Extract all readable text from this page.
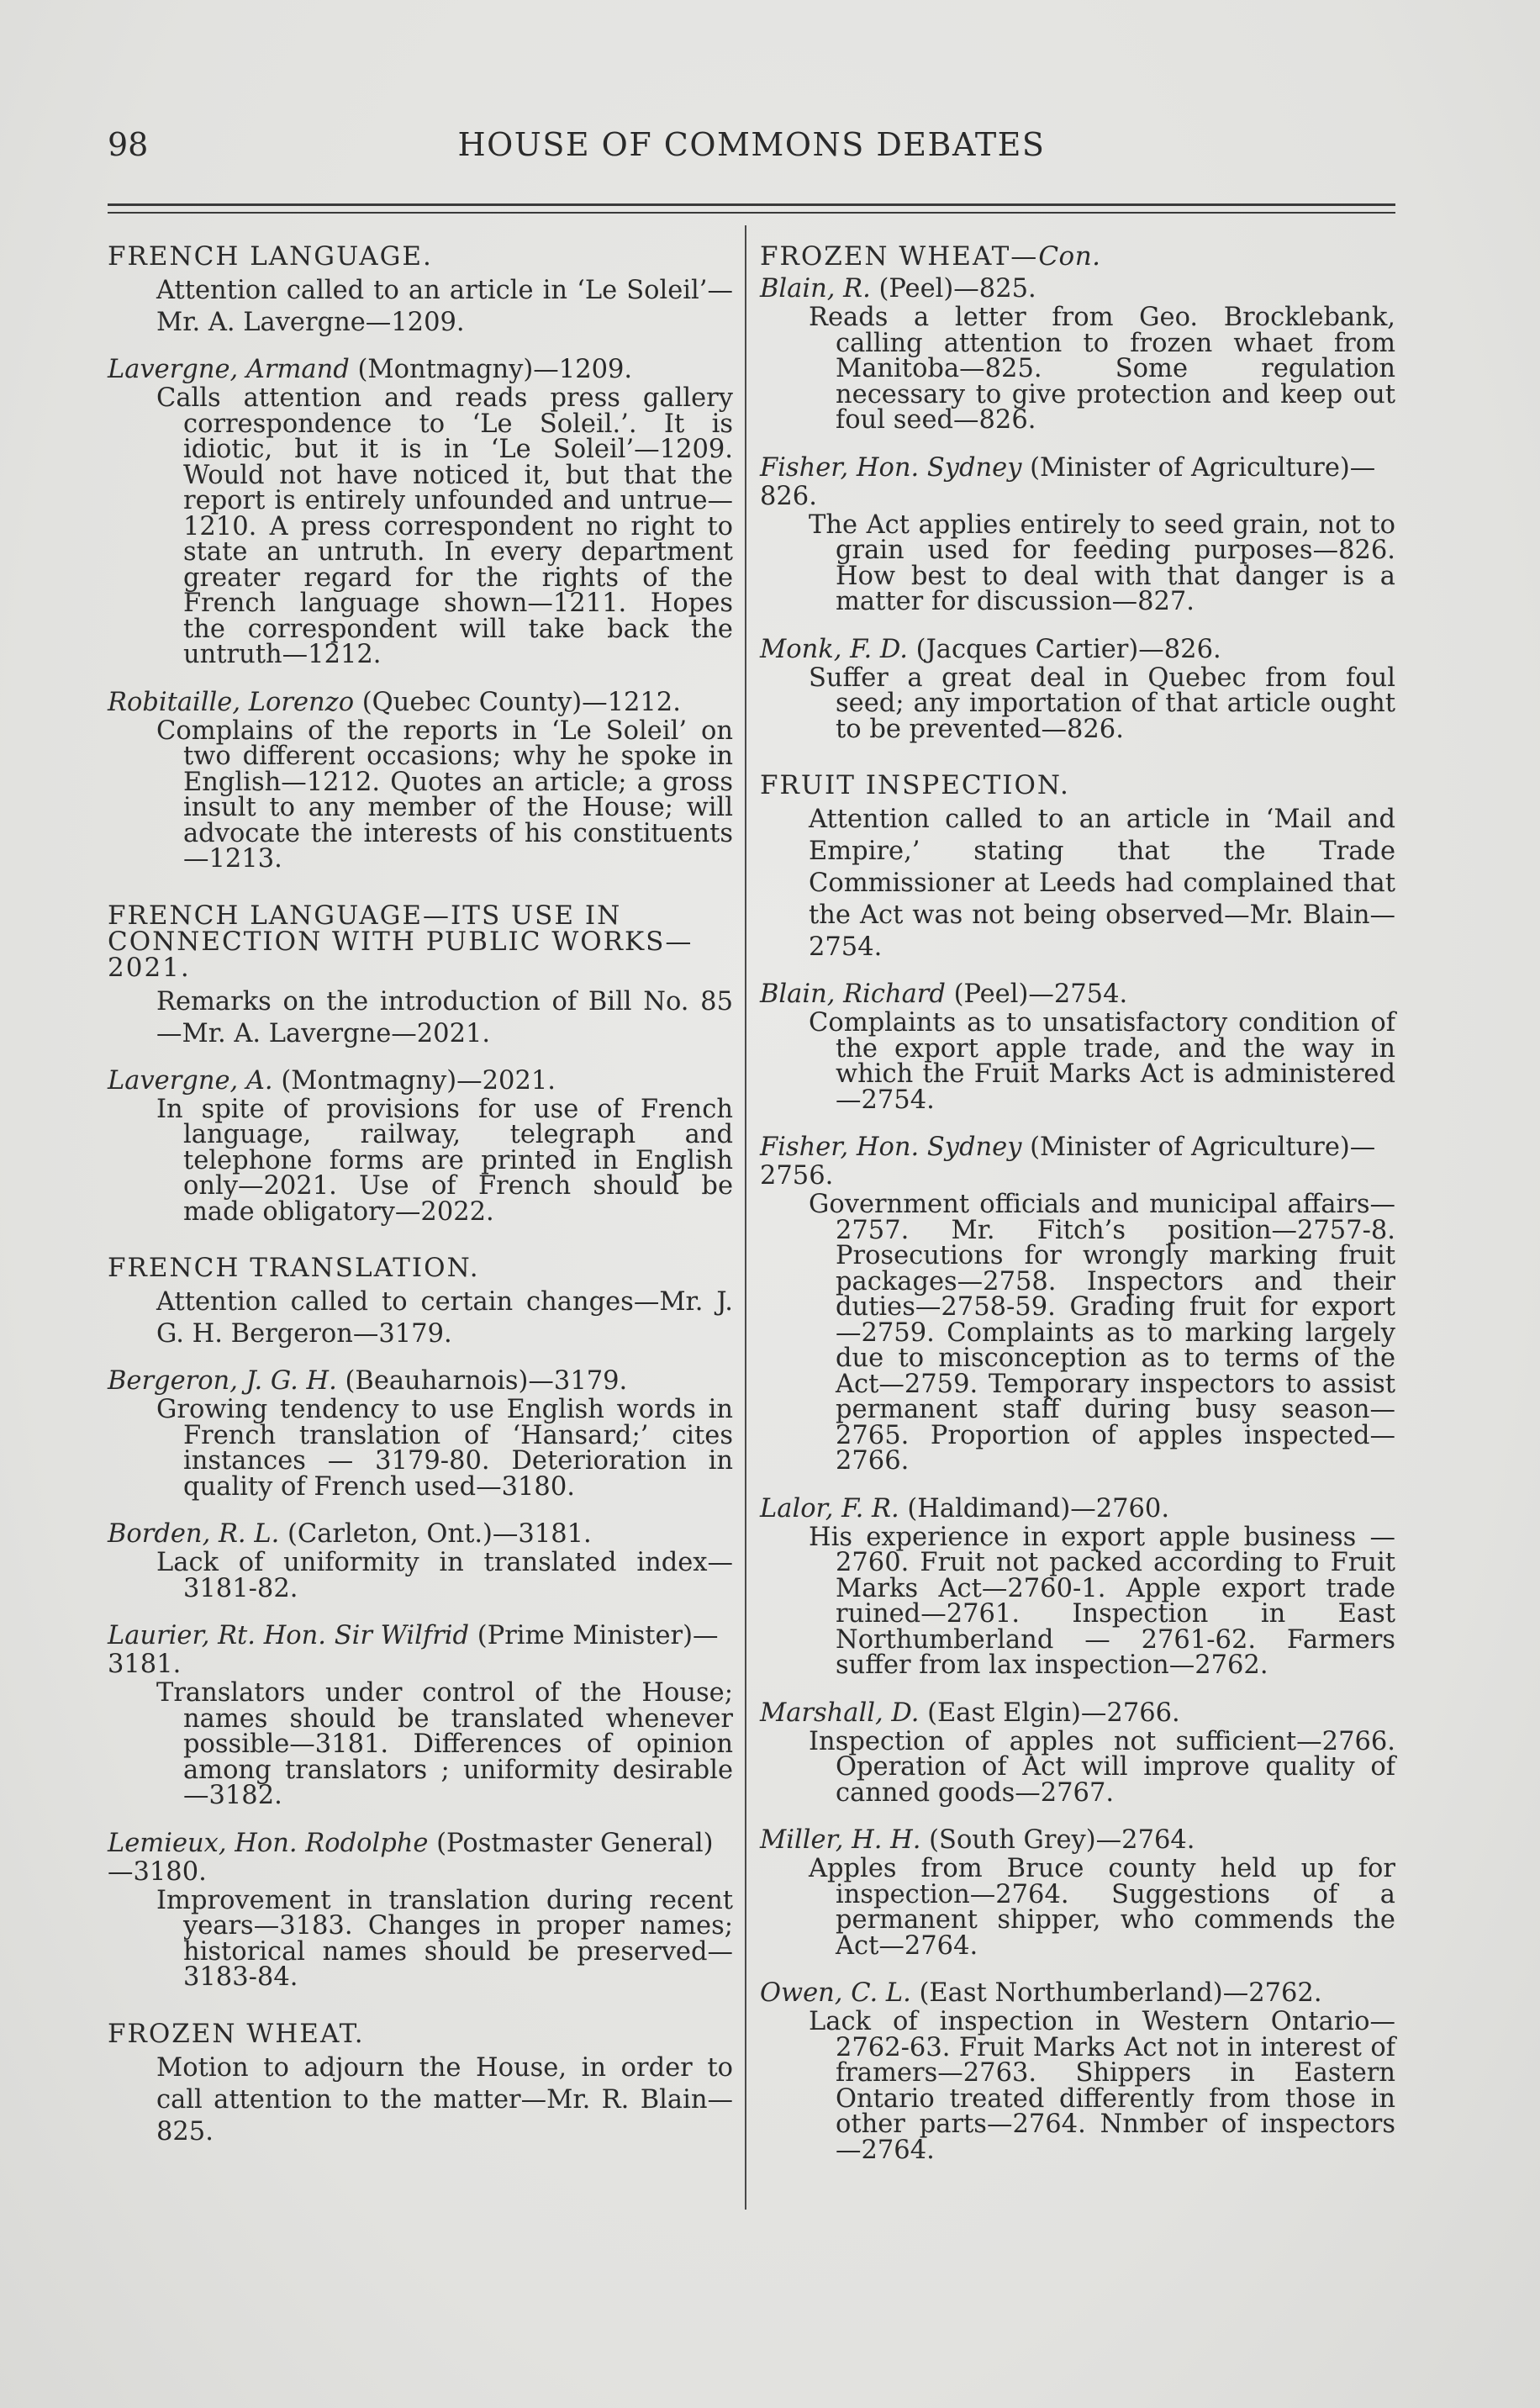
98	HOUSE OF COMMONS DEBATES
FRENCH LANGUAGE.

Attention called to an article in ‘Le Soleil’—Mr. A. Lavergne—1209.

Lavergne, Armand (Montmagny)—1209.

Calls attention and reads press gallery correspondence to ‘Le Soleil.’. It is idiotic, but it is in ‘Le Soleil’—1209. Would not have noticed it, but that the report is entirely unfounded and untrue—1210. A press correspondent no right to state an untruth. In every department greater regard for the rights of the French language shown—1211. Hopes the correspondent will take back the untruth—1212.

Robitaille, Lorenzo (Quebec County)—1212.

Complains of the reports in ‘Le Soleil’ on two different occasions; why he spoke in English—1212. Quotes an article; a gross insult to any member of the House; will advocate the interests of his constituents—1213.

FRENCH LANGUAGE—ITS USE IN CONNECTION WITH PUBLIC WORKS—2021.

Remarks on the introduction of Bill No. 85—Mr. A. Lavergne—2021.

Lavergne, A. (Montmagny)—2021.

In spite of provisions for use of French language, railway, telegraph and telephone forms are printed in English only—2021. Use of French should be made obligatory—2022.

FRENCH TRANSLATION.

Attention called to certain changes—Mr. J. G. H. Bergeron—3179.

Bergeron, J. G. H. (Beauharnois)—3179.

Growing tendency to use English words in French translation of ‘Hansard;’ cites instances — 3179-80. Deterioration in quality of French used—3180.

Borden, R. L. (Carleton, Ont.)—3181.

Lack of uniformity in translated index—3181-82.

Laurier, Rt. Hon. Sir Wilfrid (Prime Minister)—3181.

Translators under control of the House; names should be translated whenever possible—3181. Differences of opinion among translators ; uniformity desirable—3182.

Lemieux, Hon. Rodolphe (Postmaster General)—3180.

Improvement in translation during recent years—3183. Changes in proper names; historical names should be preserved—3183-84.

FROZEN WHEAT.

Motion to adjourn the House, in order to call attention to the matter—Mr. R. Blain—825.

FROZEN WHEAT—Con.
Blain, R. (Peel)—825.

Reads a letter from Geo. Brocklebank, calling attention to frozen whaet from Manitoba—825. Some regulation necessary to give protection and keep out foul seed—826.

Fisher, Hon. Sydney (Minister of Agriculture)—826.

The Act applies entirely to seed grain, not to grain used for feeding purposes—826. How best to deal with that danger is a matter for discussion—827.

Monk, F. D. (Jacques Cartier)—826.

Suffer a great deal in Quebec from foul seed; any importation of that article ought to be prevented—826.

FRUIT INSPECTION.

Attention called to an article in ‘Mail and Empire,’ stating that the Trade Commissioner at Leeds had complained that the Act was not being observed—Mr. Blain—2754.

Blain, Richard (Peel)—2754.

Complaints as to unsatisfactory condition of the export apple trade, and the way in which the Fruit Marks Act is administered—2754.

Fisher, Hon. Sydney (Minister of Agriculture)—2756.

Government officials and municipal affairs—2757. Mr. Fitch’s position—2757-8. Prosecutions for wrongly marking fruit packages—2758. Inspectors and their duties—2758-59. Grading fruit for export—2759. Complaints as to marking largely due to misconception as to terms of the Act—2759. Temporary inspectors to assist permanent staff during busy season—2765. Proportion of apples inspected—2766.

Lalor, F. R. (Haldimand)—2760.

His experience in export apple business —2760. Fruit not packed according to Fruit Marks Act—2760-1. Apple export trade ruined—2761. Inspection in East Northumberland — 2761-62. Farmers suffer from lax inspection—2762.

Marshall, D. (East Elgin)—2766.

Inspection of apples not sufficient—2766. Operation of Act will improve quality of canned goods—2767.

Miller, H. H. (South Grey)—2764.

Apples from Bruce county held up for inspection—2764. Suggestions of a permanent shipper, who commends the Act—2764.

Owen, C. L. (East Northumberland)—2762.

Lack of inspection in Western Ontario—2762-63. Fruit Marks Act not in interest of framers—2763. Shippers in Eastern Ontario treated differently from those in other parts—2764. Nnmber of inspectors—2764.
